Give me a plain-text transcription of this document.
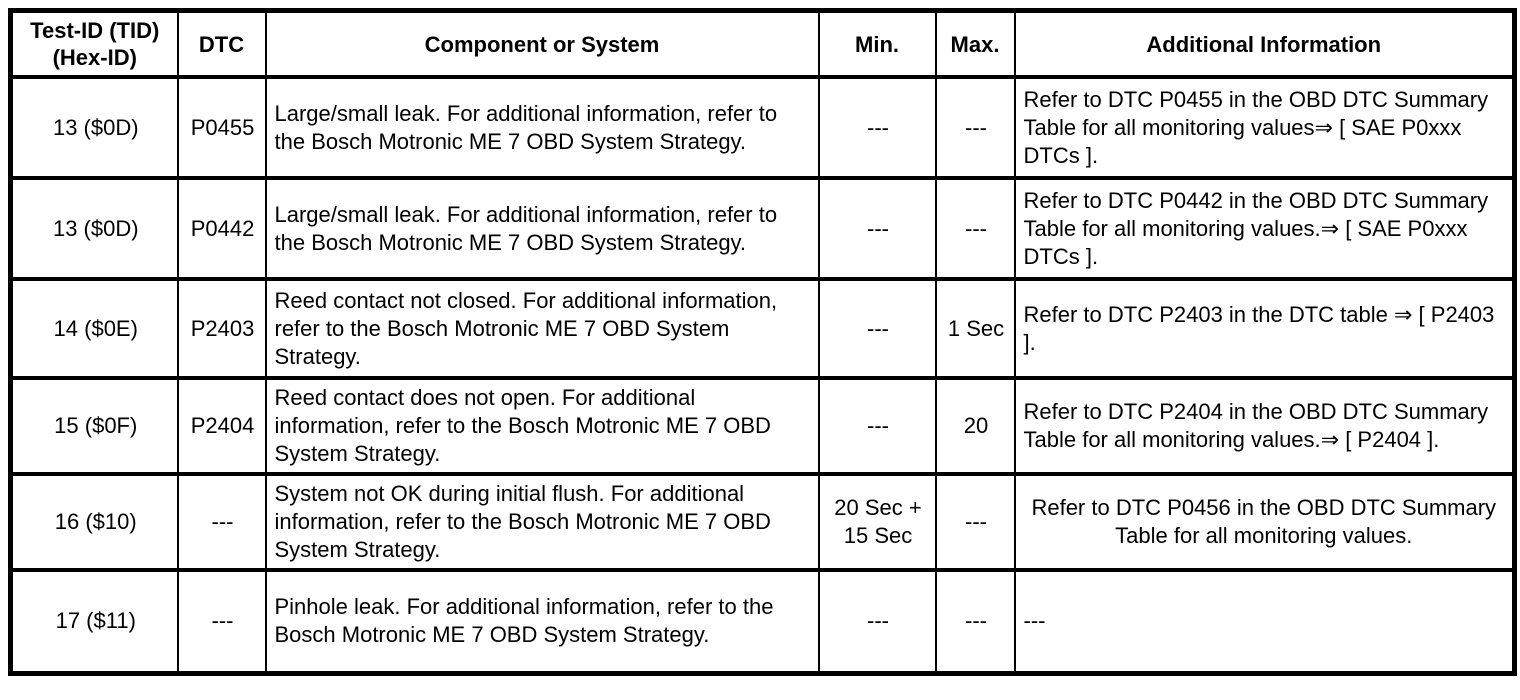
Test-ID (TID) (Hex-ID)	DTC	Component or System	Min.	Max.	Additional Information
13 ($0D)	P0455	Large/small leak. For additional information, refer to the Bosch Motronic ME 7 OBD System Strategy.	---	---	Refer to DTC P0455 in the OBD DTC Summary Table for all monitoring values⇒ [ SAE P0xxx DTCs ].
13 ($0D)	P0442	Large/small leak. For additional information, refer to the Bosch Motronic ME 7 OBD System Strategy.	---	---	Refer to DTC P0442 in the OBD DTC Summary Table for all monitoring values.⇒ [ SAE P0xxx DTCs ].
14 ($0E)	P2403	Reed contact not closed. For additional information, refer to the Bosch Motronic ME 7 OBD System Strategy.	---	1 Sec	Refer to DTC P2403 in the DTC table ⇒ [ P2403 ].
15 ($0F)	P2404	Reed contact does not open. For additional information, refer to the Bosch Motronic ME 7 OBD System Strategy.	---	20	Refer to DTC P2404 in the OBD DTC Summary Table for all monitoring values.⇒ [ P2404 ].
16 ($10)	---	System not OK during initial flush. For additional information, refer to the Bosch Motronic ME 7 OBD System Strategy.	20 Sec + 15 Sec	---	Refer to DTC P0456 in the OBD DTC Summary Table for all monitoring values.
17 ($11)	---	Pinhole leak. For additional information, refer to the Bosch Motronic ME 7 OBD System Strategy.	---	---	---
